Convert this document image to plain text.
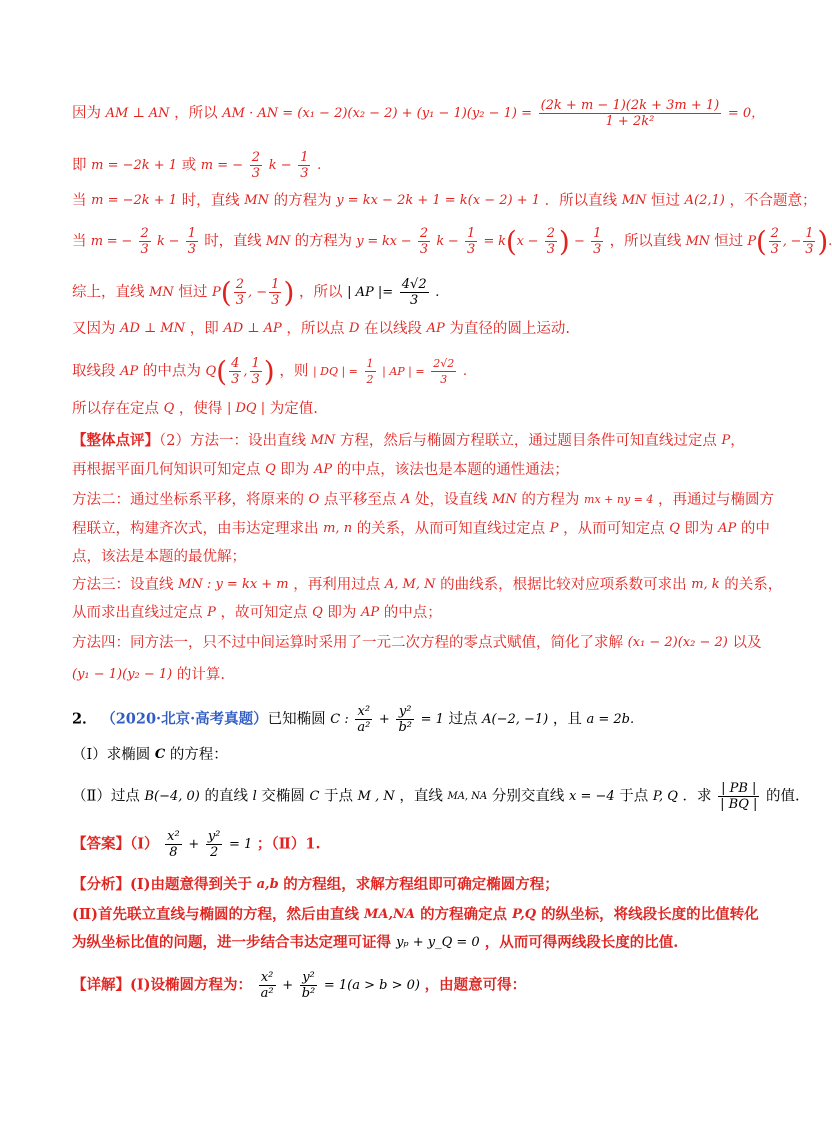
因为 AM ⊥ AN ，所以 AM · AN = $(x_1 - 2)(x_2 - 2) + (y_1 - 1)(y_2 - 1) = \frac{(2k + m - 1)(2k + 3m + 1)}{\text{1 + 2k²}} = 0$，
即 m = −2k + 1 或 m = − $\frac{2}{3}$ $k - \frac{1}{3}$ .
当 m = −2k + 1 时，直线 MN 的方程为 y = kx − 2k + 1 = k(x − 2) + 1 ．所以直线 MN 恒过 A(2,1) ，不合题意；
当 m = − $\frac{2}{3}$ $k - \frac{1}{3}$ 时，直线 MN 的方程为 y = kx − $\frac{2}{3}$ $k - \frac{1}{3} = k(x - \frac{2}{3}$ ) − $\frac{1}{3}$ ，所以直线 MN 恒过 $P( \frac{2}{3}$ , − $\frac{1}{3}$ ).
综上，直线 MN 恒过 $P( \frac{2}{3}$ , − $\frac{1}{3}$ ) ，所以 | AP |= $\frac{4√2}{3}$ .
又因为 AD ⊥ MN ，即 AD ⊥ AP ，所以点 D 在以线段 AP 为直径的圆上运动.
取线段 AP 的中点为 $Q( \frac{4}{3}$ , $\frac{1}{3}$ ) ，则 | DQ | = $\frac{1}{2}$ | AP | = $\frac{2√2}{3}$ .
所以存在定点 Q ，使得 | DQ | 为定值.
【整体点评】（2）方法一：设出直线 MN 方程，然后与椭圆方程联立，通过题目条件可知直线过定点 P，
再根据平面几何知识可知定点 Q 即为 AP 的中点，该法也是本题的通性通法；
方法二：通过坐标系平移，将原来的 O 点平移至点 A 处，设直线 MN 的方程为 mx + ny = 4 ，再通过与椭圆方
程联立，构建齐次式，由韦达定理求出 m, n 的关系，从而可知直线过定点 P ，从而可知定点 Q 即为 AP 的中
点，该法是本题的最优解；
方法三：设直线 MN : y = kx + m ，再利用过点 A, M, N 的曲线系，根据比较对应项系数可求出 m, k 的关系，
从而求出直线过定点 P ，故可知定点 Q 即为 AP 的中点；
方法四：同方法一，只不过中间运算时采用了一元二次方程的零点式赋值，简化了求解 (x₁ − 2)(x₂ − 2) 以及
(y₁ − 1)(y₂ − 1) 的计算.
2． （2020·北京·高考真题）已知椭圆 C : $\frac{\text{x²}}{\text{a²}} + \frac{\text{y²}}{\text{b²}} = 1$ 过点 A(−2, −1) ，且 a = 2b.
（Ⅰ）求椭圆 C 的方程：
（Ⅱ）过点 B(−4, 0) 的直线 l 交椭圆 C 于点 M , N ，直线 MA, NA 分别交直线 x = −4 于点 P, Q ．求 $\frac{| PB |}{| BQ |}$ 的值.
【答案】（Ⅰ） $\frac{\text{x²}}{8} + \frac{\text{y²}}{2} = 1$ ；（Ⅱ）1.
【分析】(Ⅰ)由题意得到关于 a,b 的方程组，求解方程组即可确定椭圆方程；
(Ⅱ)首先联立直线与椭圆的方程，然后由直线 MA,NA 的方程确定点 P,Q 的纵坐标，将线段长度的比值转化
为纵坐标比值的问题，进一步结合韦达定理可证得 yₚ + y_Q = 0 ，从而可得两线段长度的比值.
【详解】(Ⅰ)设椭圆方程为： $\frac{\text{x²}}{\text{a²}} + \frac{\text{y²}}{\text{b²}} = 1(a > b > 0)$ ，由题意可得：
